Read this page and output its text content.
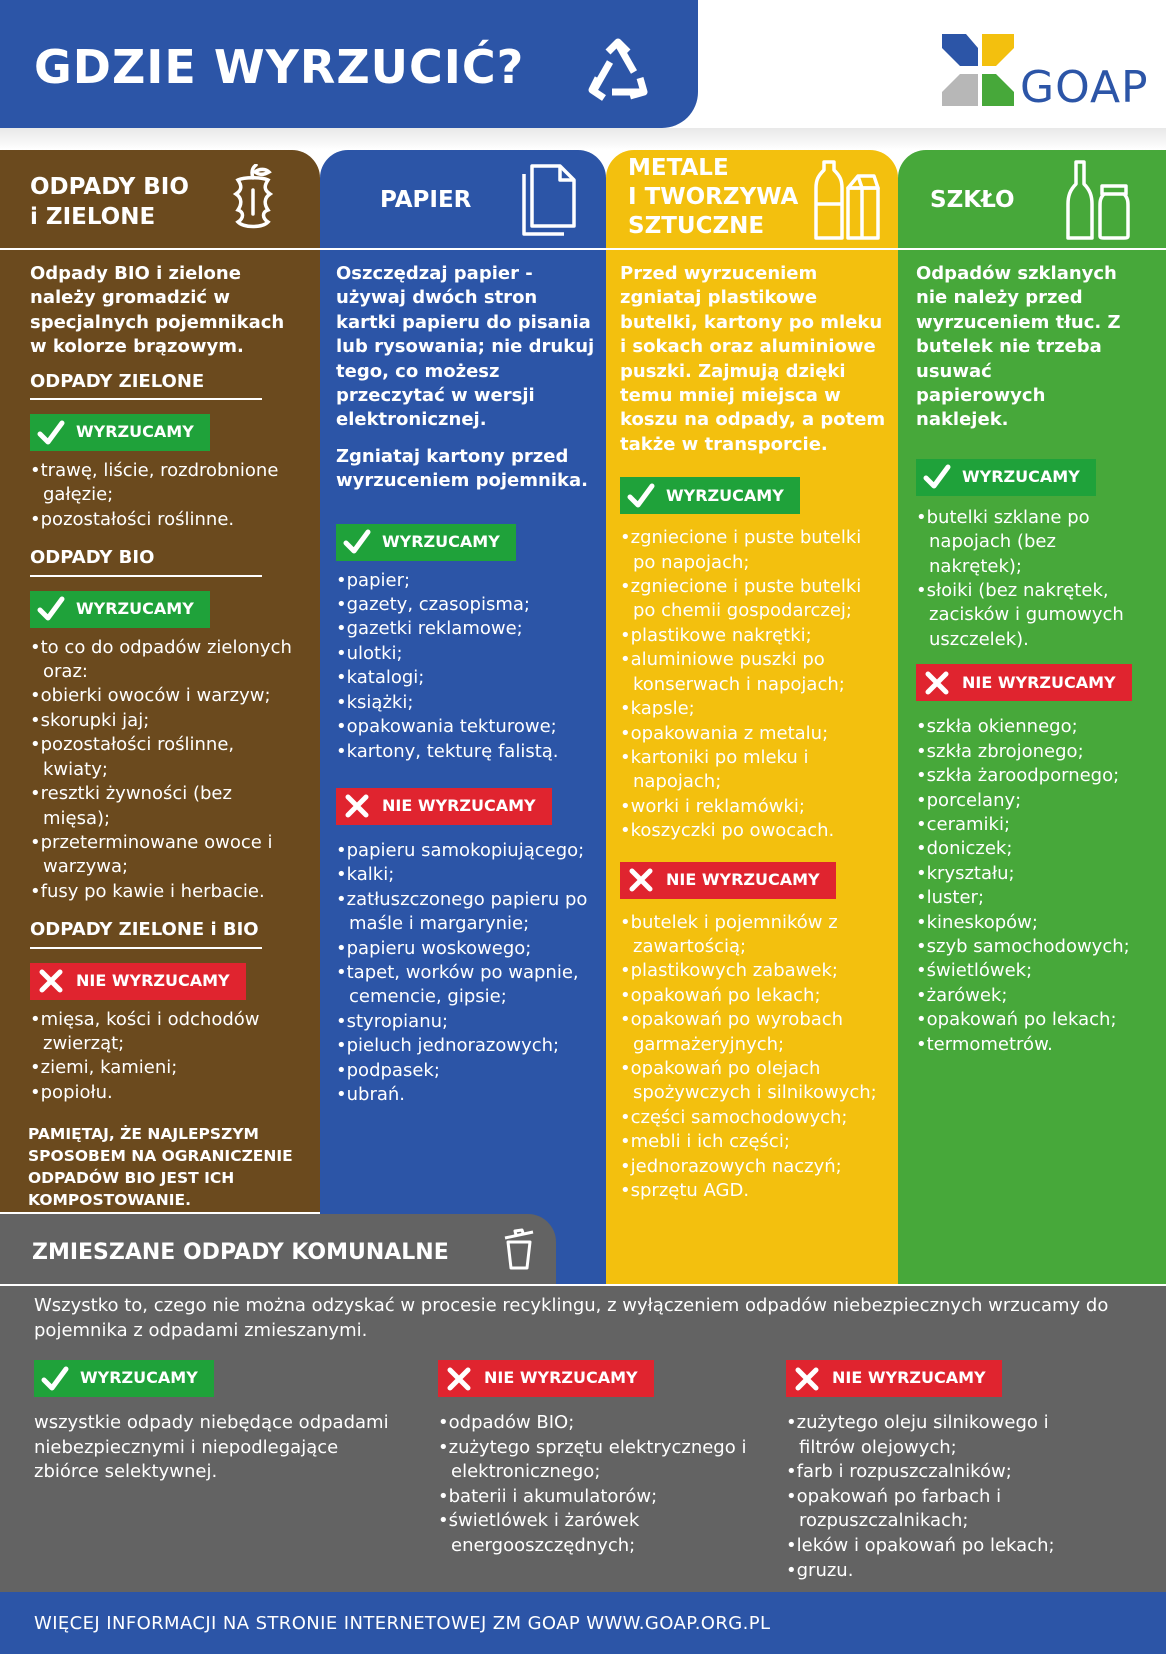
GDZIE WYRZUCIĆ?	GOAP
ODPADY BIO
i ZIELONE
Odpady BIO i zielone należy gromadzić w specjalnych pojemnikach w kolorze brązowym.
ODPADY ZIELONE
WYRZUCAMY
• trawę, liście, rozdrobnione gałęzie;
• pozostałości roślinne.
ODPADY BIO
WYRZUCAMY
• to co do odpadów zielonych oraz:
• obierki owoców i warzyw;
• skorupki jaj;
• pozostałości roślinne, kwiaty;
• resztki żywności (bez mięsa);
• przeterminowane owoce i warzywa;
• fusy po kawie i herbacie.
ODPADY ZIELONE i BIO
NIE WYRZUCAMY
• mięsa, kości i odchodów zwierząt;
• ziemi, kamieni;
• popiołu.
PAMIĘTAJ, ŻE NAJLEPSZYM SPOSOBEM NA OGRANICZENIE ODPADÓW BIO JEST ICH KOMPOSTOWANIE.
PAPIER
Oszczędzaj papier - używaj dwóch stron kartki papieru do pisania lub rysowania; nie drukuj tego, co możesz przeczytać w wersji elektronicznej.
Zgniataj kartony przed wyrzuceniem pojemnika.
WYRZUCAMY
• papier;
• gazety, czasopisma;
• gazetki reklamowe;
• ulotki;
• katalogi;
• książki;
• opakowania tekturowe;
• kartony, tekturę falistą.
NIE WYRZUCAMY
• papieru samokopiującego;
• kalki;
• zatłuszczonego papieru po maśle i margarynie;
• papieru woskowego;
• tapet, worków po wapnie, cemencie, gipsie;
• styropianu;
• pieluch jednorazowych;
• podpasek;
• ubrań.
METALE
I TWORZYWA
SZTUCZNE
Przed wyrzuceniem zgniataj plastikowe butelki, kartony po mleku i sokach oraz aluminiowe puszki. Zajmują dzięki temu mniej miejsca w koszu na odpady, a potem także w transporcie.
WYRZUCAMY
• zgniecione i puste butelki po napojach;
• zgniecione i puste butelki po chemii gospodarczej;
• plastikowe nakrętki;
• aluminiowe puszki po konserwach i napojach;
• kapsle;
• opakowania z metalu;
• kartoniki po mleku i napojach;
• worki i reklamówki;
• koszyczki po owocach.
NIE WYRZUCAMY
• butelek i pojemników z zawartością;
• plastikowych zabawek;
• opakowań po lekach;
• opakowań po wyrobach garmażeryjnych;
• opakowań po olejach spożywczych i silnikowych;
• części samochodowych;
• mebli i ich części;
• jednorazowych naczyń;
• sprzętu AGD.
SZKŁO
Odpadów szklanych nie należy przed wyrzuceniem tłuc. Z butelek nie trzeba usuwać papierowych naklejek.
WYRZUCAMY
• butelki szklane po napojach (bez nakrętek);
• słoiki (bez nakrętek, zacisków i gumowych uszczelek).
NIE WYRZUCAMY
• szkła okiennego;
• szkła zbrojonego;
• szkła żaroodpornego;
• porcelany;
• ceramiki;
• doniczek;
• kryształu;
• luster;
• kineskopów;
• szyb samochodowych;
• świetlówek;
• żarówek;
• opakowań po lekach;
• termometrów.
ZMIESZANE ODPADY KOMUNALNE
Wszystko to, czego nie można odzyskać w procesie recyklingu, z wyłączeniem odpadów niebezpiecznych wrzucamy do pojemnika z odpadami zmieszanymi.
WYRZUCAMY
wszystkie odpady niebędące odpadami niebezpiecznymi i niepodlegające zbiórce selektywnej.
NIE WYRZUCAMY
• odpadów BIO;
• zużytego sprzętu elektrycznego i elektronicznego;
• baterii i akumulatorów;
• świetlówek i żarówek energooszczędnych;
NIE WYRZUCAMY
• zużytego oleju silnikowego i filtrów olejowych;
• farb i rozpuszczalników;
• opakowań po farbach i rozpuszczalnikach;
• leków i opakowań po lekach;
• gruzu.
WIĘCEJ INFORMACJI NA STRONIE INTERNETOWEJ ZM GOAP WWW.GOAP.ORG.PL
